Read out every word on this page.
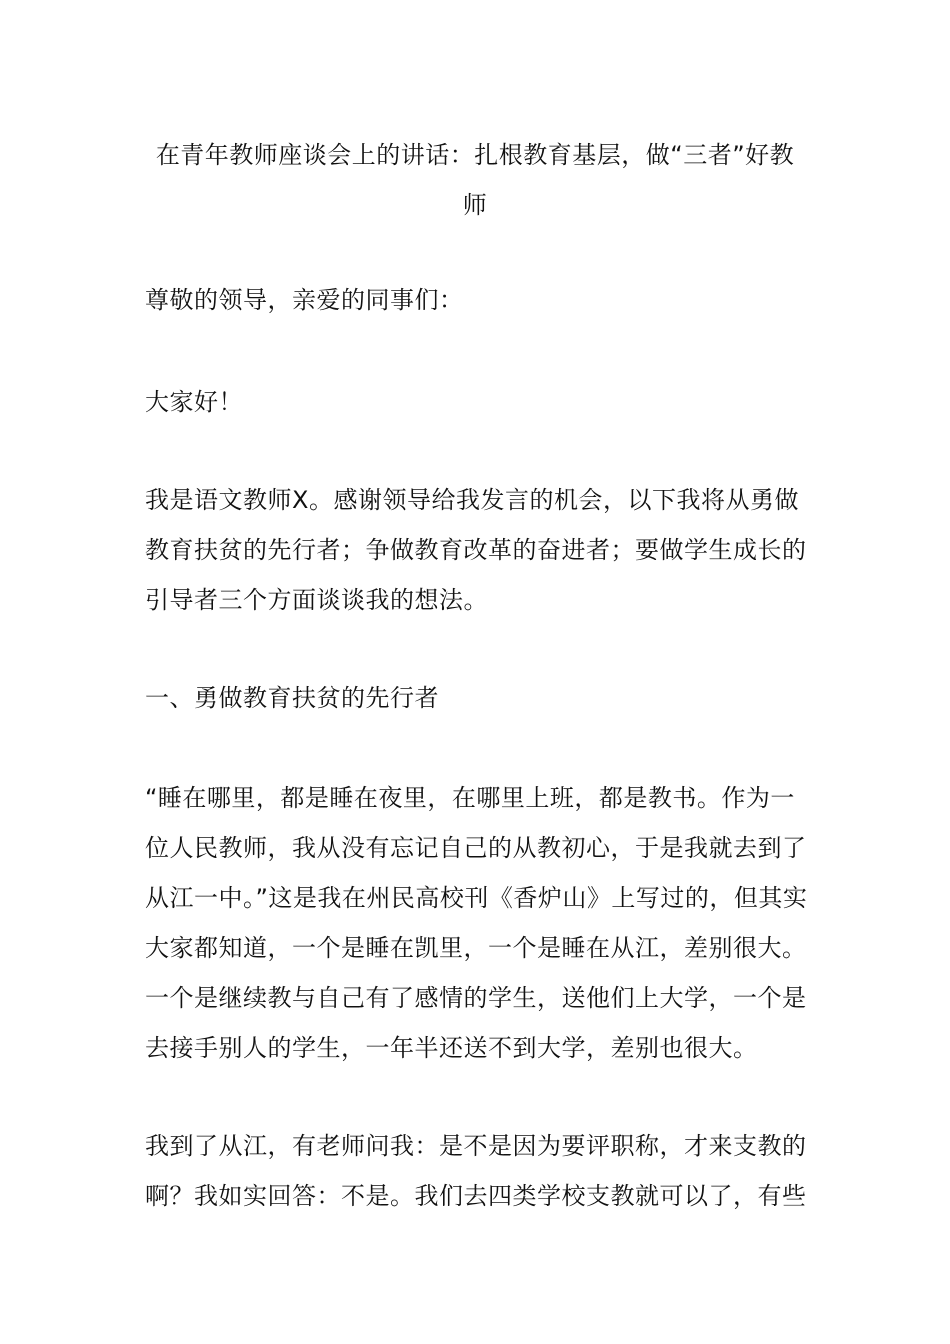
在青年教师座谈会上的讲话：扎根教育基层，做“三者”好教师

尊敬的领导，亲爱的同事们：

大家好！

我是语文教师X。感谢领导给我发言的机会，以下我将从勇做教育扶贫的先行者；争做教育改革的奋进者；要做学生成长的引导者三个方面谈谈我的想法。

一、勇做教育扶贫的先行者

“睡在哪里，都是睡在夜里，在哪里上班，都是教书。作为一位人民教师，我从没有忘记自己的从教初心，于是我就去到了从江一中。”这是我在州民高校刊《香炉山》上写过的，但其实大家都知道，一个是睡在凯里，一个是睡在从江，差别很大。一个是继续教与自己有了感情的学生，送他们上大学，一个是去接手别人的学生，一年半还送不到大学，差别也很大。

我到了从江，有老师问我：是不是因为要评职称，才来支教的啊？我如实回答：不是。我们去四类学校支教就可以了，有些
